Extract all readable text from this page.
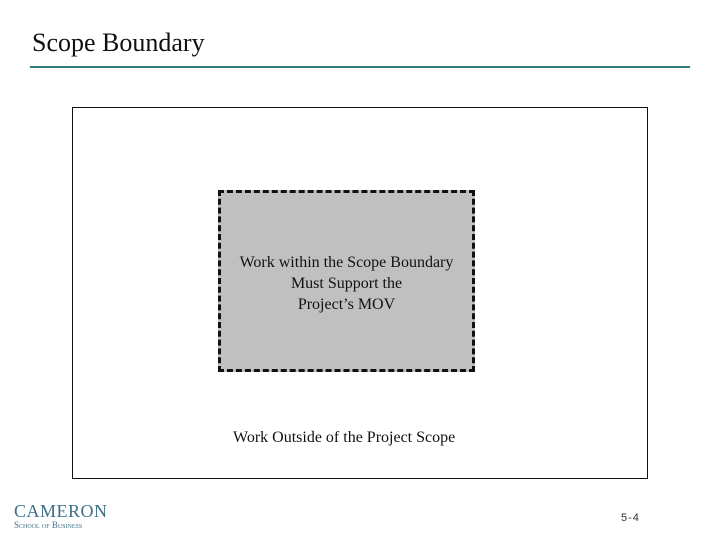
Scope Boundary
Work within the Scope Boundary
Must Support the
Project’s MOV
Work Outside of the Project Scope
CAMERON
School of Business
5-4
